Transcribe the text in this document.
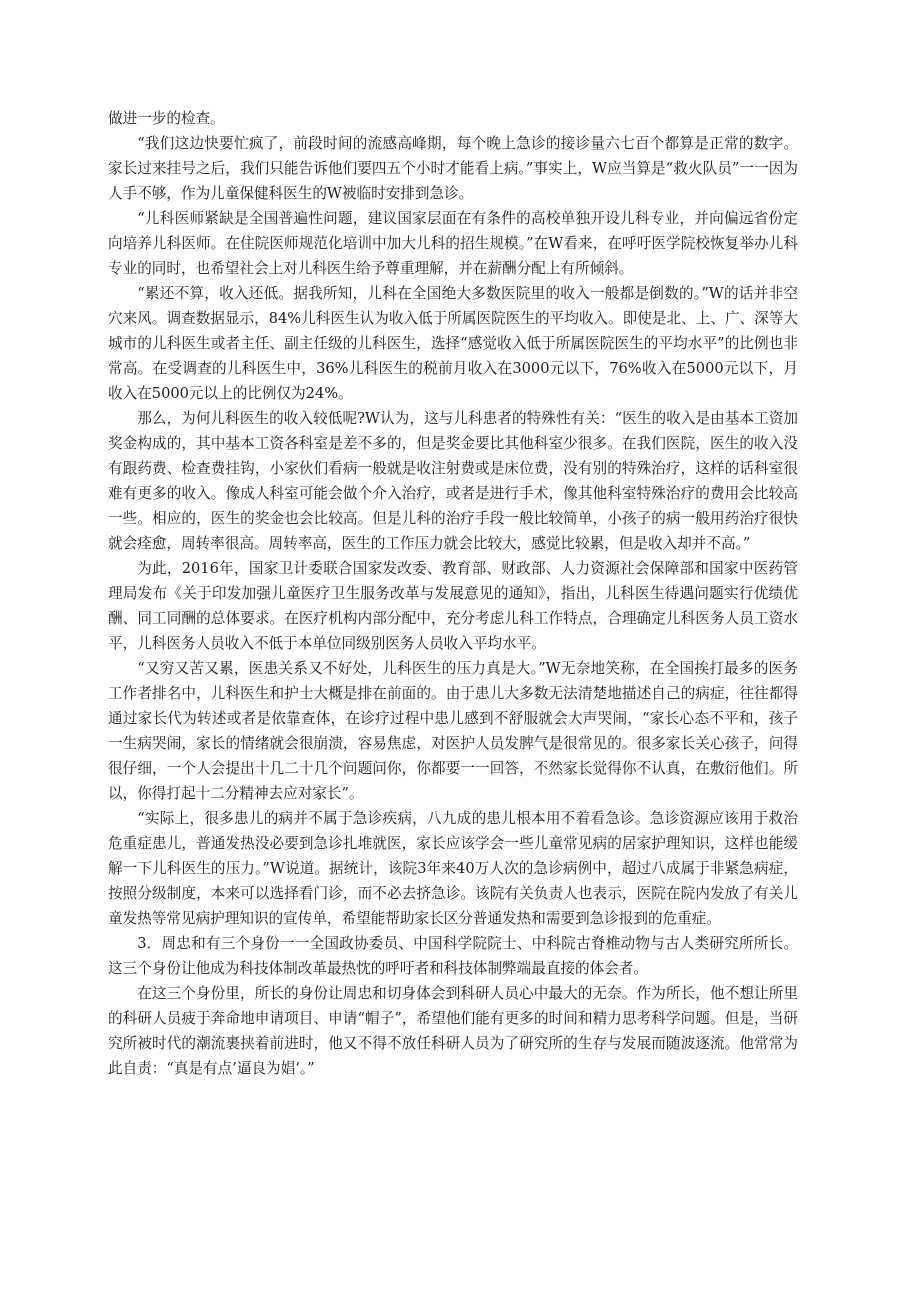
做进一步的检查。

“我们这边快要忙疯了，前段时间的流感高峰期，每个晚上急诊的接诊量六七百个都算是正常的数字。家长过来挂号之后，我们只能告诉他们要四五个小时才能看上病。”事实上，W应当算是“救火队员”一一因为人手不够，作为儿童保健科医生的W被临时安排到急诊。

“儿科医师紧缺是全国普遍性问题，建议国家层面在有条件的高校单独开设儿科专业，并向偏远省份定向培养儿科医师。在住院医师规范化培训中加大儿科的招生规模。”在W看来，在呼吁医学院校恢复举办儿科专业的同时，也希望社会上对儿科医生给予尊重理解，并在薪酬分配上有所倾斜。

“累还不算，收入还低。据我所知，儿科在全国绝大多数医院里的收入一般都是倒数的。”W的话并非空穴来风。调查数据显示，84%儿科医生认为收入低于所属医院医生的平均收入。即使是北、上、广、深等大城市的儿科医生或者主任、副主任级的儿科医生，选择“感觉收入低于所属医院医生的平均水平”的比例也非常高。在受调查的儿科医生中，36%儿科医生的税前月收入在3000元以下，76%收入在5000元以下，月收入在5000元以上的比例仅为24%。

那么，为何儿科医生的收入较低呢?W认为，这与儿科患者的特殊性有关：“医生的收入是由基本工资加奖金构成的，其中基本工资各科室是差不多的，但是奖金要比其他科室少很多。在我们医院，医生的收入没有跟药费、检查费挂钩，小家伙们看病一般就是收注射费或是床位费，没有别的特殊治疗，这样的话科室很难有更多的收入。像成人科室可能会做个介入治疗，或者是进行手术，像其他科室特殊治疗的费用会比较高一些。相应的，医生的奖金也会比较高。但是儿科的治疗手段一般比较简单，小孩子的病一般用药治疗很快就会痊愈，周转率很高。周转率高，医生的工作压力就会比较大，感觉比较累，但是收入却并不高。”

为此，2016年，国家卫计委联合国家发改委、教育部、财政部、人力资源社会保障部和国家中医药管理局发布《关于印发加强儿童医疗卫生服务改革与发展意见的通知》，指出，儿科医生待遇问题实行优绩优酬、同工同酬的总体要求。在医疗机构内部分配中，充分考虑儿科工作特点，合理确定儿科医务人员工资水平，儿科医务人员收入不低于本单位同级别医务人员收入平均水平。

“又穷又苦又累，医患关系又不好处，儿科医生的压力真是大。”W无奈地笑称，在全国挨打最多的医务工作者排名中，儿科医生和护士大概是排在前面的。由于患儿大多数无法清楚地描述自己的病症，往往都得通过家长代为转述或者是依靠查体，在诊疗过程中患儿感到不舒服就会大声哭闹，“家长心态不平和，孩子一生病哭闹，家长的情绪就会很崩溃，容易焦虑，对医护人员发脾气是很常见的。很多家长关心孩子，问得很仔细，一个人会提出十几二十几个问题问你，你都要一一回答，不然家长觉得你不认真，在敷衍他们。所以，你得打起十二分精神去应对家长”。

“实际上，很多患儿的病并不属于急诊疾病，八九成的患儿根本用不着看急诊。急诊资源应该用于救治危重症患儿，普通发热没必要到急诊扎堆就医，家长应该学会一些儿童常见病的居家护理知识，这样也能缓解一下儿科医生的压力。”W说道。据统计，该院3年来40万人次的急诊病例中，超过八成属于非紧急病症，按照分级制度，本来可以选择看门诊，而不必去挤急诊。该院有关负责人也表示，医院在院内发放了有关儿童发热等常见病护理知识的宣传单，希望能帮助家长区分普通发热和需要到急诊报到的危重症。

3．周忠和有三个身份一一全国政协委员、中国科学院院士、中科院古脊椎动物与古人类研究所所长。这三个身份让他成为科技体制改革最热忱的呼吁者和科技体制弊端最直接的体会者。

在这三个身份里，所长的身份让周忠和切身体会到科研人员心中最大的无奈。作为所长，他不想让所里的科研人员疲于奔命地申请项目、申请“帽子”，希望他们能有更多的时间和精力思考科学问题。但是，当研究所被时代的潮流裹挟着前进时，他又不得不放任科研人员为了研究所的生存与发展而随波逐流。他常常为此自责：“真是有点’逼良为娼‘。”
